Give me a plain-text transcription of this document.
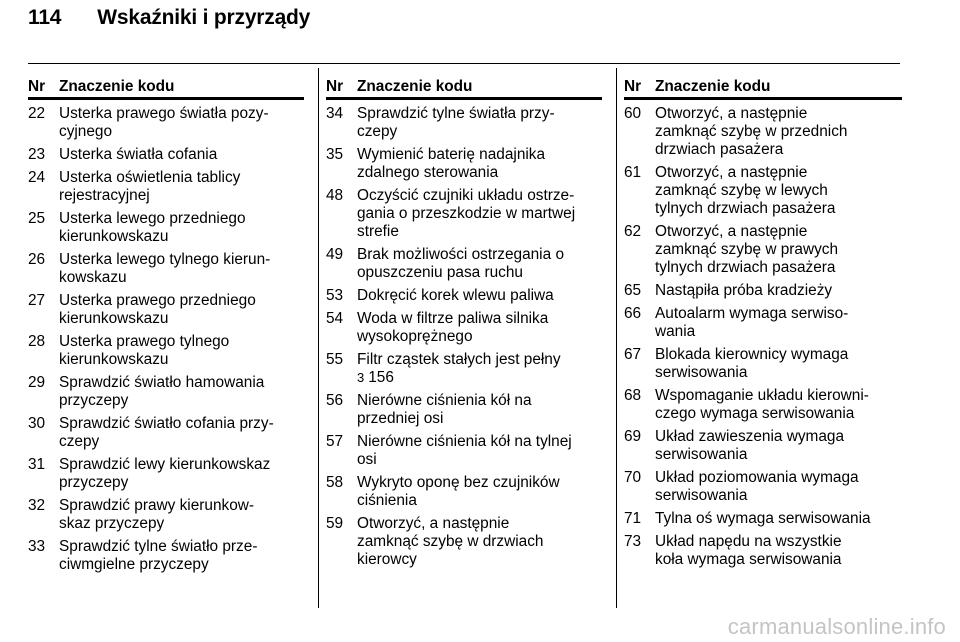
114 Wskaźniki i przyrządy
Nr Znaczenie kodu
22 Usterka prawego światła pozy-
cyjnego
23 Usterka światła cofania
24 Usterka oświetlenia tablicy
rejestracyjnej
25 Usterka lewego przedniego
kierunkowskazu
26 Usterka lewego tylnego kierun-
kowskazu
27 Usterka prawego przedniego
kierunkowskazu
28 Usterka prawego tylnego
kierunkowskazu
29 Sprawdzić światło hamowania
przyczepy
30 Sprawdzić światło cofania przy-
czepy
31 Sprawdzić lewy kierunkowskaz
przyczepy
32 Sprawdzić prawy kierunkow-
skaz przyczepy
33 Sprawdzić tylne światło prze-
ciwmgielne przyczepy
Nr Znaczenie kodu
34 Sprawdzić tylne światła przy-
czepy
35 Wymienić baterię nadajnika
zdalnego sterowania
48 Oczyścić czujniki układu ostrze-
gania o przeszkodzie w martwej
strefie
49 Brak możliwości ostrzegania o
opuszczeniu pasa ruchu
53 Dokręcić korek wlewu paliwa
54 Woda w filtrze paliwa silnika
wysokoprężnego
55 Filtr cząstek stałych jest pełny
3 156
56 Nierówne ciśnienia kół na
przedniej osi
57 Nierówne ciśnienia kół na tylnej
osi
58 Wykryto oponę bez czujników
ciśnienia
59 Otworzyć, a następnie
zamknąć szybę w drzwiach
kierowcy
Nr Znaczenie kodu
60 Otworzyć, a następnie
zamknąć szybę w przednich
drzwiach pasażera
61 Otworzyć, a następnie
zamknąć szybę w lewych
tylnych drzwiach pasażera
62 Otworzyć, a następnie
zamknąć szybę w prawych
tylnych drzwiach pasażera
65 Nastąpiła próba kradzieży
66 Autoalarm wymaga serwiso-
wania
67 Blokada kierownicy wymaga
serwisowania
68 Wspomaganie układu kierowni-
czego wymaga serwisowania
69 Układ zawieszenia wymaga
serwisowania
70 Układ poziomowania wymaga
serwisowania
71 Tylna oś wymaga serwisowania
73 Układ napędu na wszystkie
koła wymaga serwisowania
carmanualsonline.info
